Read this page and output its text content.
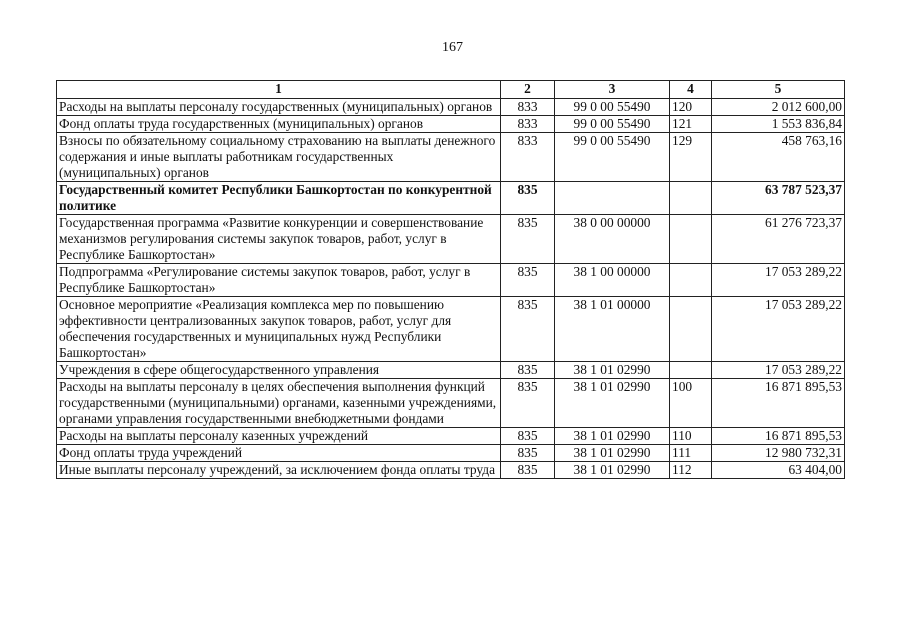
167
1	2	3	4	5
Расходы на выплаты персоналу государственных (муниципальных) органов	833	99 0 00 55490	120	2 012 600,00
Фонд оплаты труда государственных (муниципальных) органов	833	99 0 00 55490	121	1 553 836,84
Взносы по обязательному социальному страхованию на выплаты денежного содержания и иные выплаты работникам государственных (муниципальных) органов	833	99 0 00 55490	129	458 763,16
Государственный комитет Республики Башкортостан по конкурентной политике	835			63 787 523,37
Государственная программа «Развитие конкуренции и совершенствование механизмов регулирования системы закупок товаров, работ, услуг в Республике Башкортостан»	835	38 0 00 00000		61 276 723,37
Подпрограмма «Регулирование системы закупок товаров, работ, услуг в Республике Башкортостан»	835	38 1 00 00000		17 053 289,22
Основное мероприятие «Реализация комплекса мер по повышению эффективности централизованных закупок товаров, работ, услуг для обеспечения государственных и муниципальных нужд Республики Башкортостан»	835	38 1 01 00000		17 053 289,22
Учреждения в сфере общегосударственного управления	835	38 1 01 02990		17 053 289,22
Расходы на выплаты персоналу в целях обеспечения выполнения функций государственными (муниципальными) органами, казенными учреждениями, органами управления государственными внебюджетными фондами	835	38 1 01 02990	100	16 871 895,53
Расходы на выплаты персоналу казенных учреждений	835	38 1 01 02990	110	16 871 895,53
Фонд оплаты труда учреждений	835	38 1 01 02990	111	12 980 732,31
Иные выплаты персоналу учреждений, за исключением фонда оплаты труда	835	38 1 01 02990	112	63 404,00
